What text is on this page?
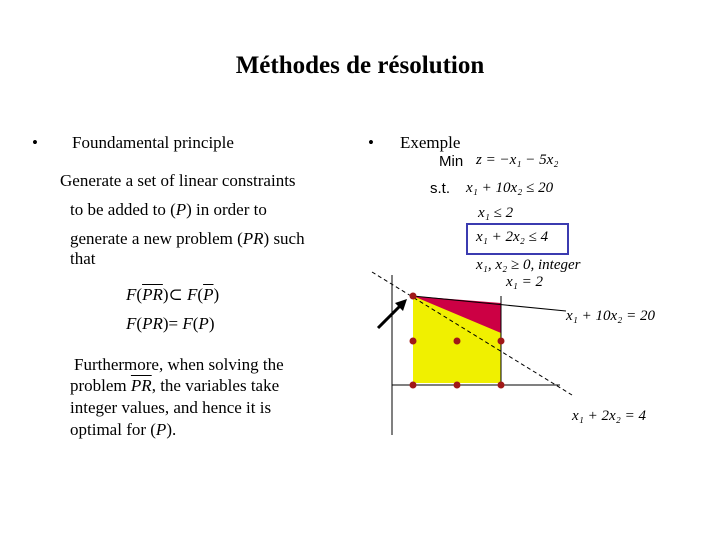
Méthodes de résolution
• Foundamental principle
Generate a set of linear constraints
to be added to (P) in order to
generate a new problem (PR) such
that
$F(\overline{PR})\subset$ $F(\overline{P})$
F(PR)= F(P)
Furthermore, when solving the
problem $\overline{PR}$, the variables take
integer values, and hence it is
optimal for (P).
• Exemple
Min z = −x₁ − 5x₂
s.t. x₁ + 10x₂ ≤ 20
x₁ ≤ 2
x₁ + 2x₂ ≤ 4
x₁, x₂ ≥ 0, integer
x₁ = 2
x₁ + 10x₂ = 20
x₁ + 2x₂ = 4
